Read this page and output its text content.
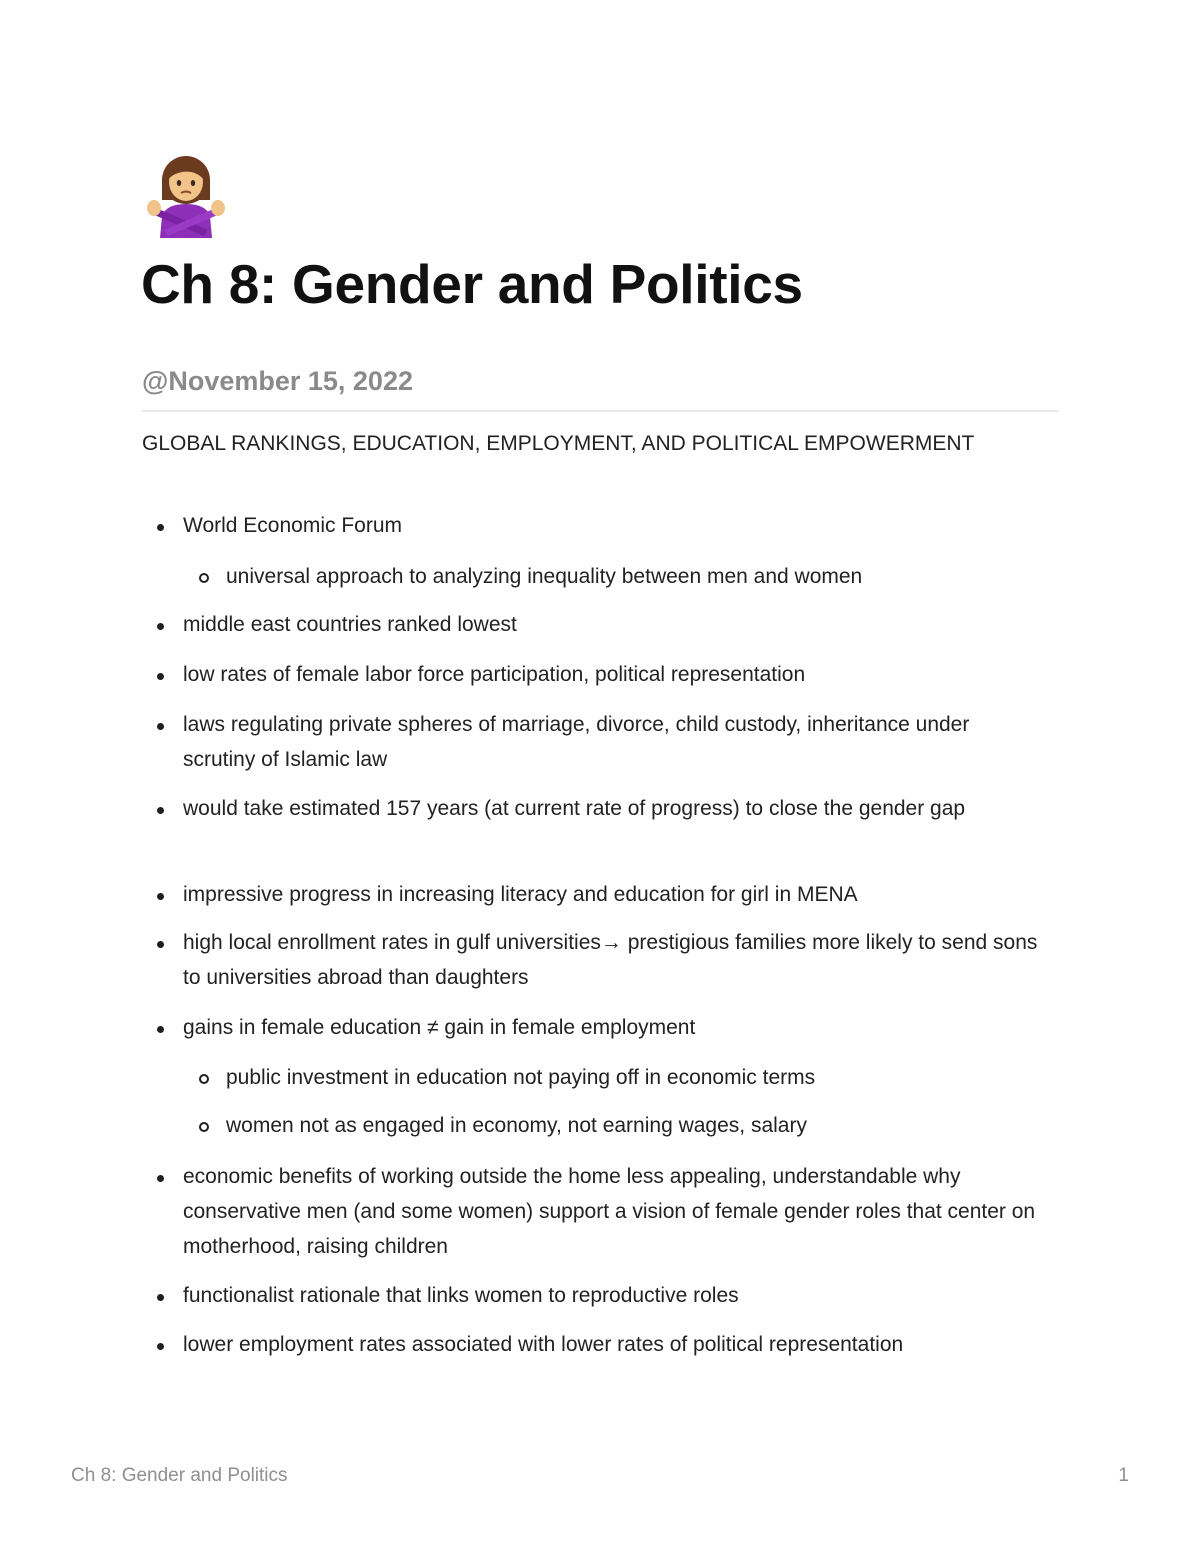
Ch 8: Gender and Politics
@November 15, 2022
GLOBAL RANKINGS, EDUCATION, EMPLOYMENT, AND POLITICAL EMPOWERMENT
World Economic Forum
universal approach to analyzing inequality between men and women
middle east countries ranked lowest
low rates of female labor force participation, political representation
laws regulating private spheres of marriage, divorce, child custody, inheritance under scrutiny of Islamic law
would take estimated 157 years (at current rate of progress) to close the gender gap
impressive progress in increasing literacy and education for girl in MENA
high local enrollment rates in gulf universities→ prestigious families more likely to send sons to universities abroad than daughters
gains in female education ≠ gain in female employment
public investment in education not paying off in economic terms
women not as engaged in economy, not earning wages, salary
economic benefits of working outside the home less appealing, understandable why conservative men (and some women) support a vision of female gender roles that center on motherhood, raising children
functionalist rationale that links women to reproductive roles
lower employment rates associated with lower rates of political representation
Ch 8: Gender and Politics	1
